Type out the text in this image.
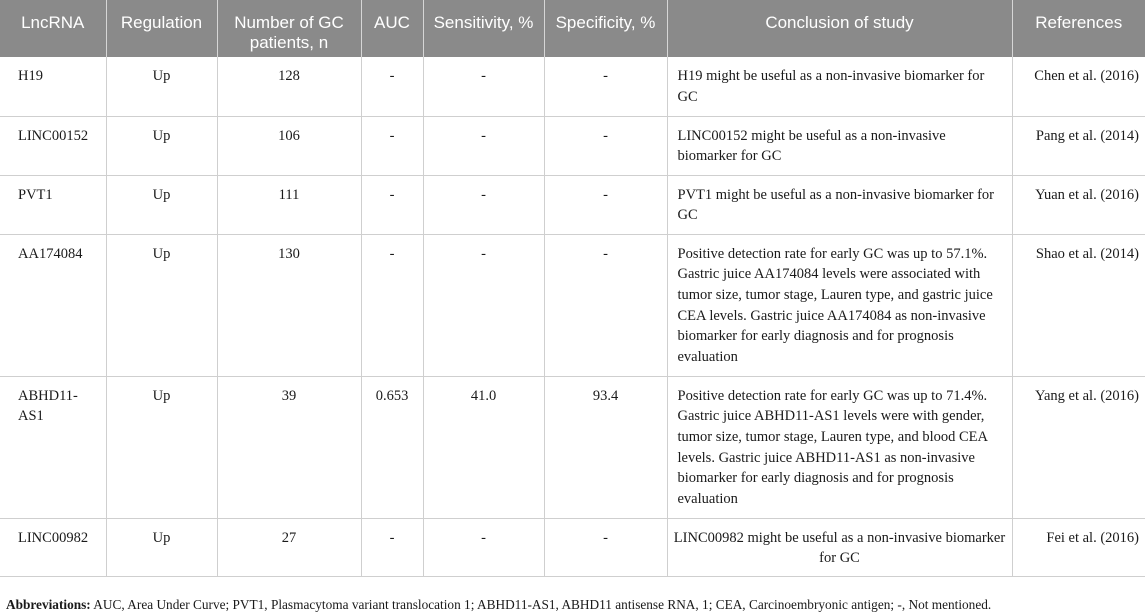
LncRNA	Regulation	Number of GC patients, n	AUC	Sensitivity, %	Specificity, %	Conclusion of study	References
H19	Up	128	-	-	-	H19 might be useful as a non-invasive biomarker for GC	Chen et al. (2016)
LINC00152	Up	106	-	-	-	LINC00152 might be useful as a non-invasive biomarker for GC	Pang et al. (2014)
PVT1	Up	111	-	-	-	PVT1 might be useful as a non-invasive biomarker for GC	Yuan et al. (2016)
AA174084	Up	130	-	-	-	Positive detection rate for early GC was up to 57.1%. Gastric juice AA174084 levels were associated with tumor size, tumor stage, Lauren type, and gastric juice CEA levels. Gastric juice AA174084 as non-invasive biomarker for early diagnosis and for prognosis evaluation	Shao et al. (2014)
ABHD11-AS1	Up	39	0.653	41.0	93.4	Positive detection rate for early GC was up to 71.4%. Gastric juice ABHD11-AS1 levels were with gender, tumor size, tumor stage, Lauren type, and blood CEA levels. Gastric juice ABHD11-AS1 as non-invasive biomarker for early diagnosis and for prognosis evaluation	Yang et al. (2016)
LINC00982	Up	27	-	-	-	LINC00982 might be useful as a non-invasive biomarker for GC	Fei et al. (2016)
Abbreviations: AUC, Area Under Curve; PVT1, Plasmacytoma variant translocation 1; ABHD11-AS1, ABHD11 antisense RNA, 1; CEA, Carcinoembryonic antigen; -, Not mentioned.
